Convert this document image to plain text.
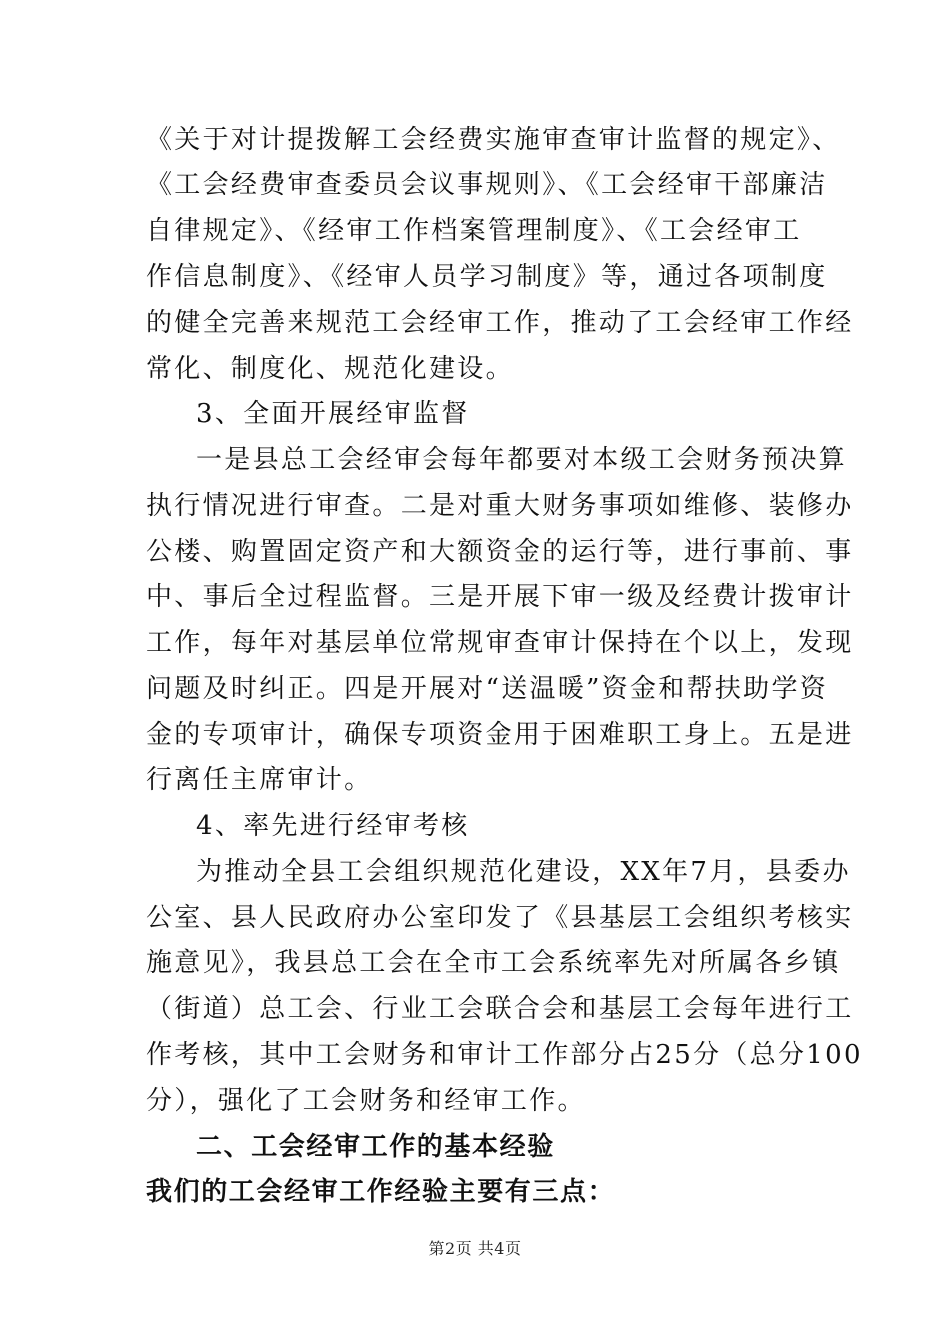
《关于对计提拨解工会经费实施审查审计监督的规定》、
《工会经费审查委员会议事规则》、《工会经审干部廉洁
自律规定》、《经审工作档案管理制度》、《工会经审工
作信息制度》、《经审人员学习制度》等，通过各项制度
的健全完善来规范工会经审工作，推动了工会经审工作经
常化、制度化、规范化建设。
3、全面开展经审监督
一是县总工会经审会每年都要对本级工会财务预决算
执行情况进行审查。二是对重大财务事项如维修、装修办
公楼、购置固定资产和大额资金的运行等，进行事前、事
中、事后全过程监督。三是开展下审一级及经费计拨审计
工作，每年对基层单位常规审查审计保持在个以上，发现
问题及时纠正。四是开展对“送温暖”资金和帮扶助学资
金的专项审计，确保专项资金用于困难职工身上。五是进
行离任主席审计。
4、率先进行经审考核
为推动全县工会组织规范化建设，XX年7月，县委办
公室、县人民政府办公室印发了《县基层工会组织考核实
施意见》，我县总工会在全市工会系统率先对所属各乡镇
（街道）总工会、行业工会联合会和基层工会每年进行工
作考核，其中工会财务和审计工作部分占25分（总分100
分），强化了工会财务和经审工作。
二、工会经审工作的基本经验
我们的工会经审工作经验主要有三点：
第2页 共4页
